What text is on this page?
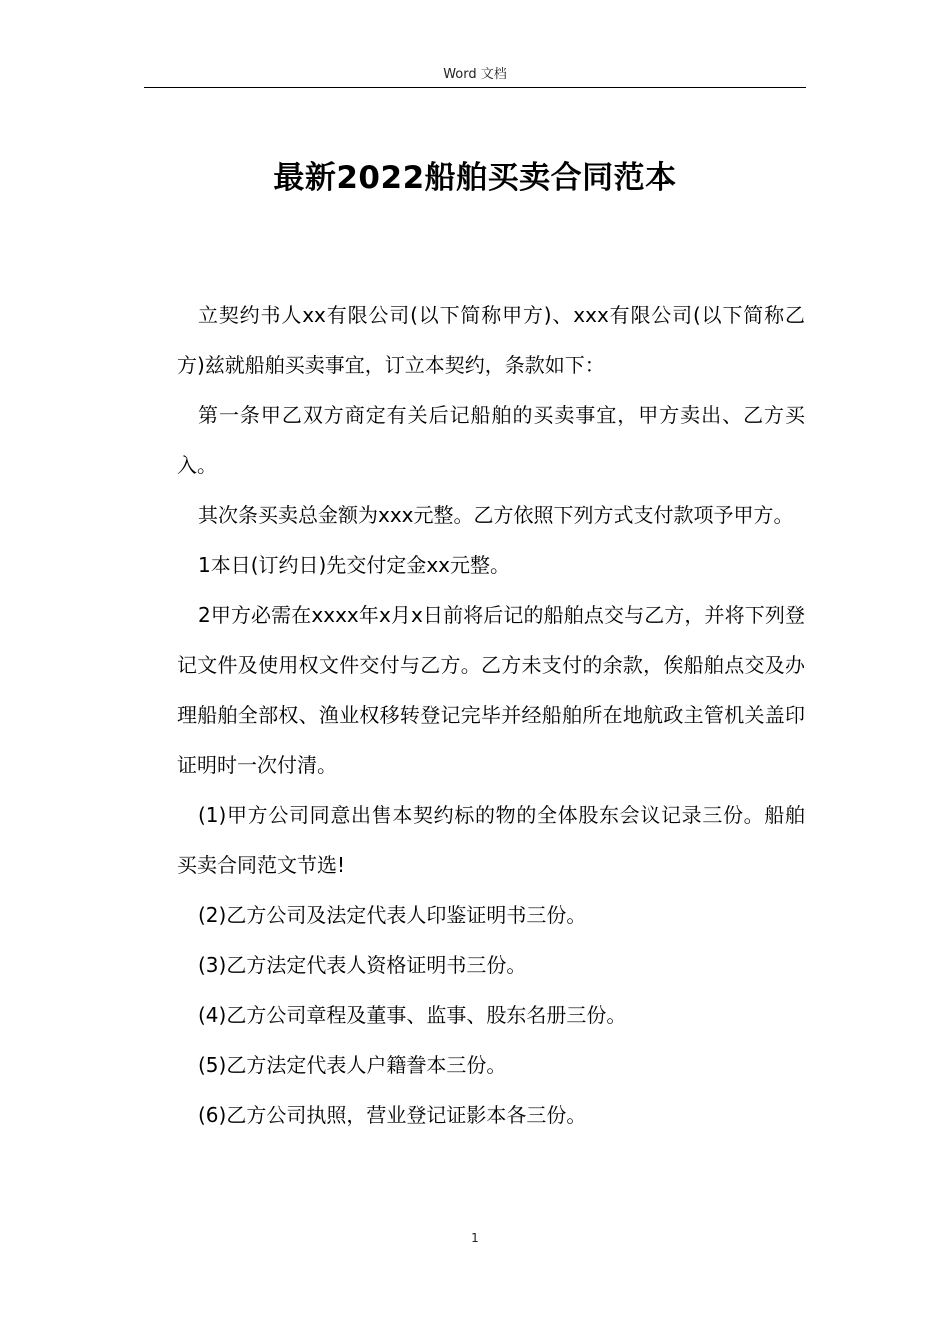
Word 文档
最新2022船舶买卖合同范本

立契约书人xx有限公司(以下简称甲方)、xxx有限公司(以下简称乙方)兹就船舶买卖事宜，订立本契约，条款如下：

第一条甲乙双方商定有关后记船舶的买卖事宜，甲方卖出、乙方买入。

其次条买卖总金额为xxx元整。乙方依照下列方式支付款项予甲方。

1本日(订约日)先交付定金xx元整。

2甲方必需在xxxx年x月x日前将后记的船舶点交与乙方，并将下列登记文件及使用权文件交付与乙方。乙方未支付的余款，俟船舶点交及办理船舶全部权、渔业权移转登记完毕并经船舶所在地航政主管机关盖印证明时一次付清。

(1)甲方公司同意出售本契约标的物的全体股东会议记录三份。船舶买卖合同范文节选!

(2)乙方公司及法定代表人印鉴证明书三份。

(3)乙方法定代表人资格证明书三份。

(4)乙方公司章程及董事、监事、股东名册三份。

(5)乙方法定代表人户籍誊本三份。

(6)乙方公司执照，营业登记证影本各三份。

1
